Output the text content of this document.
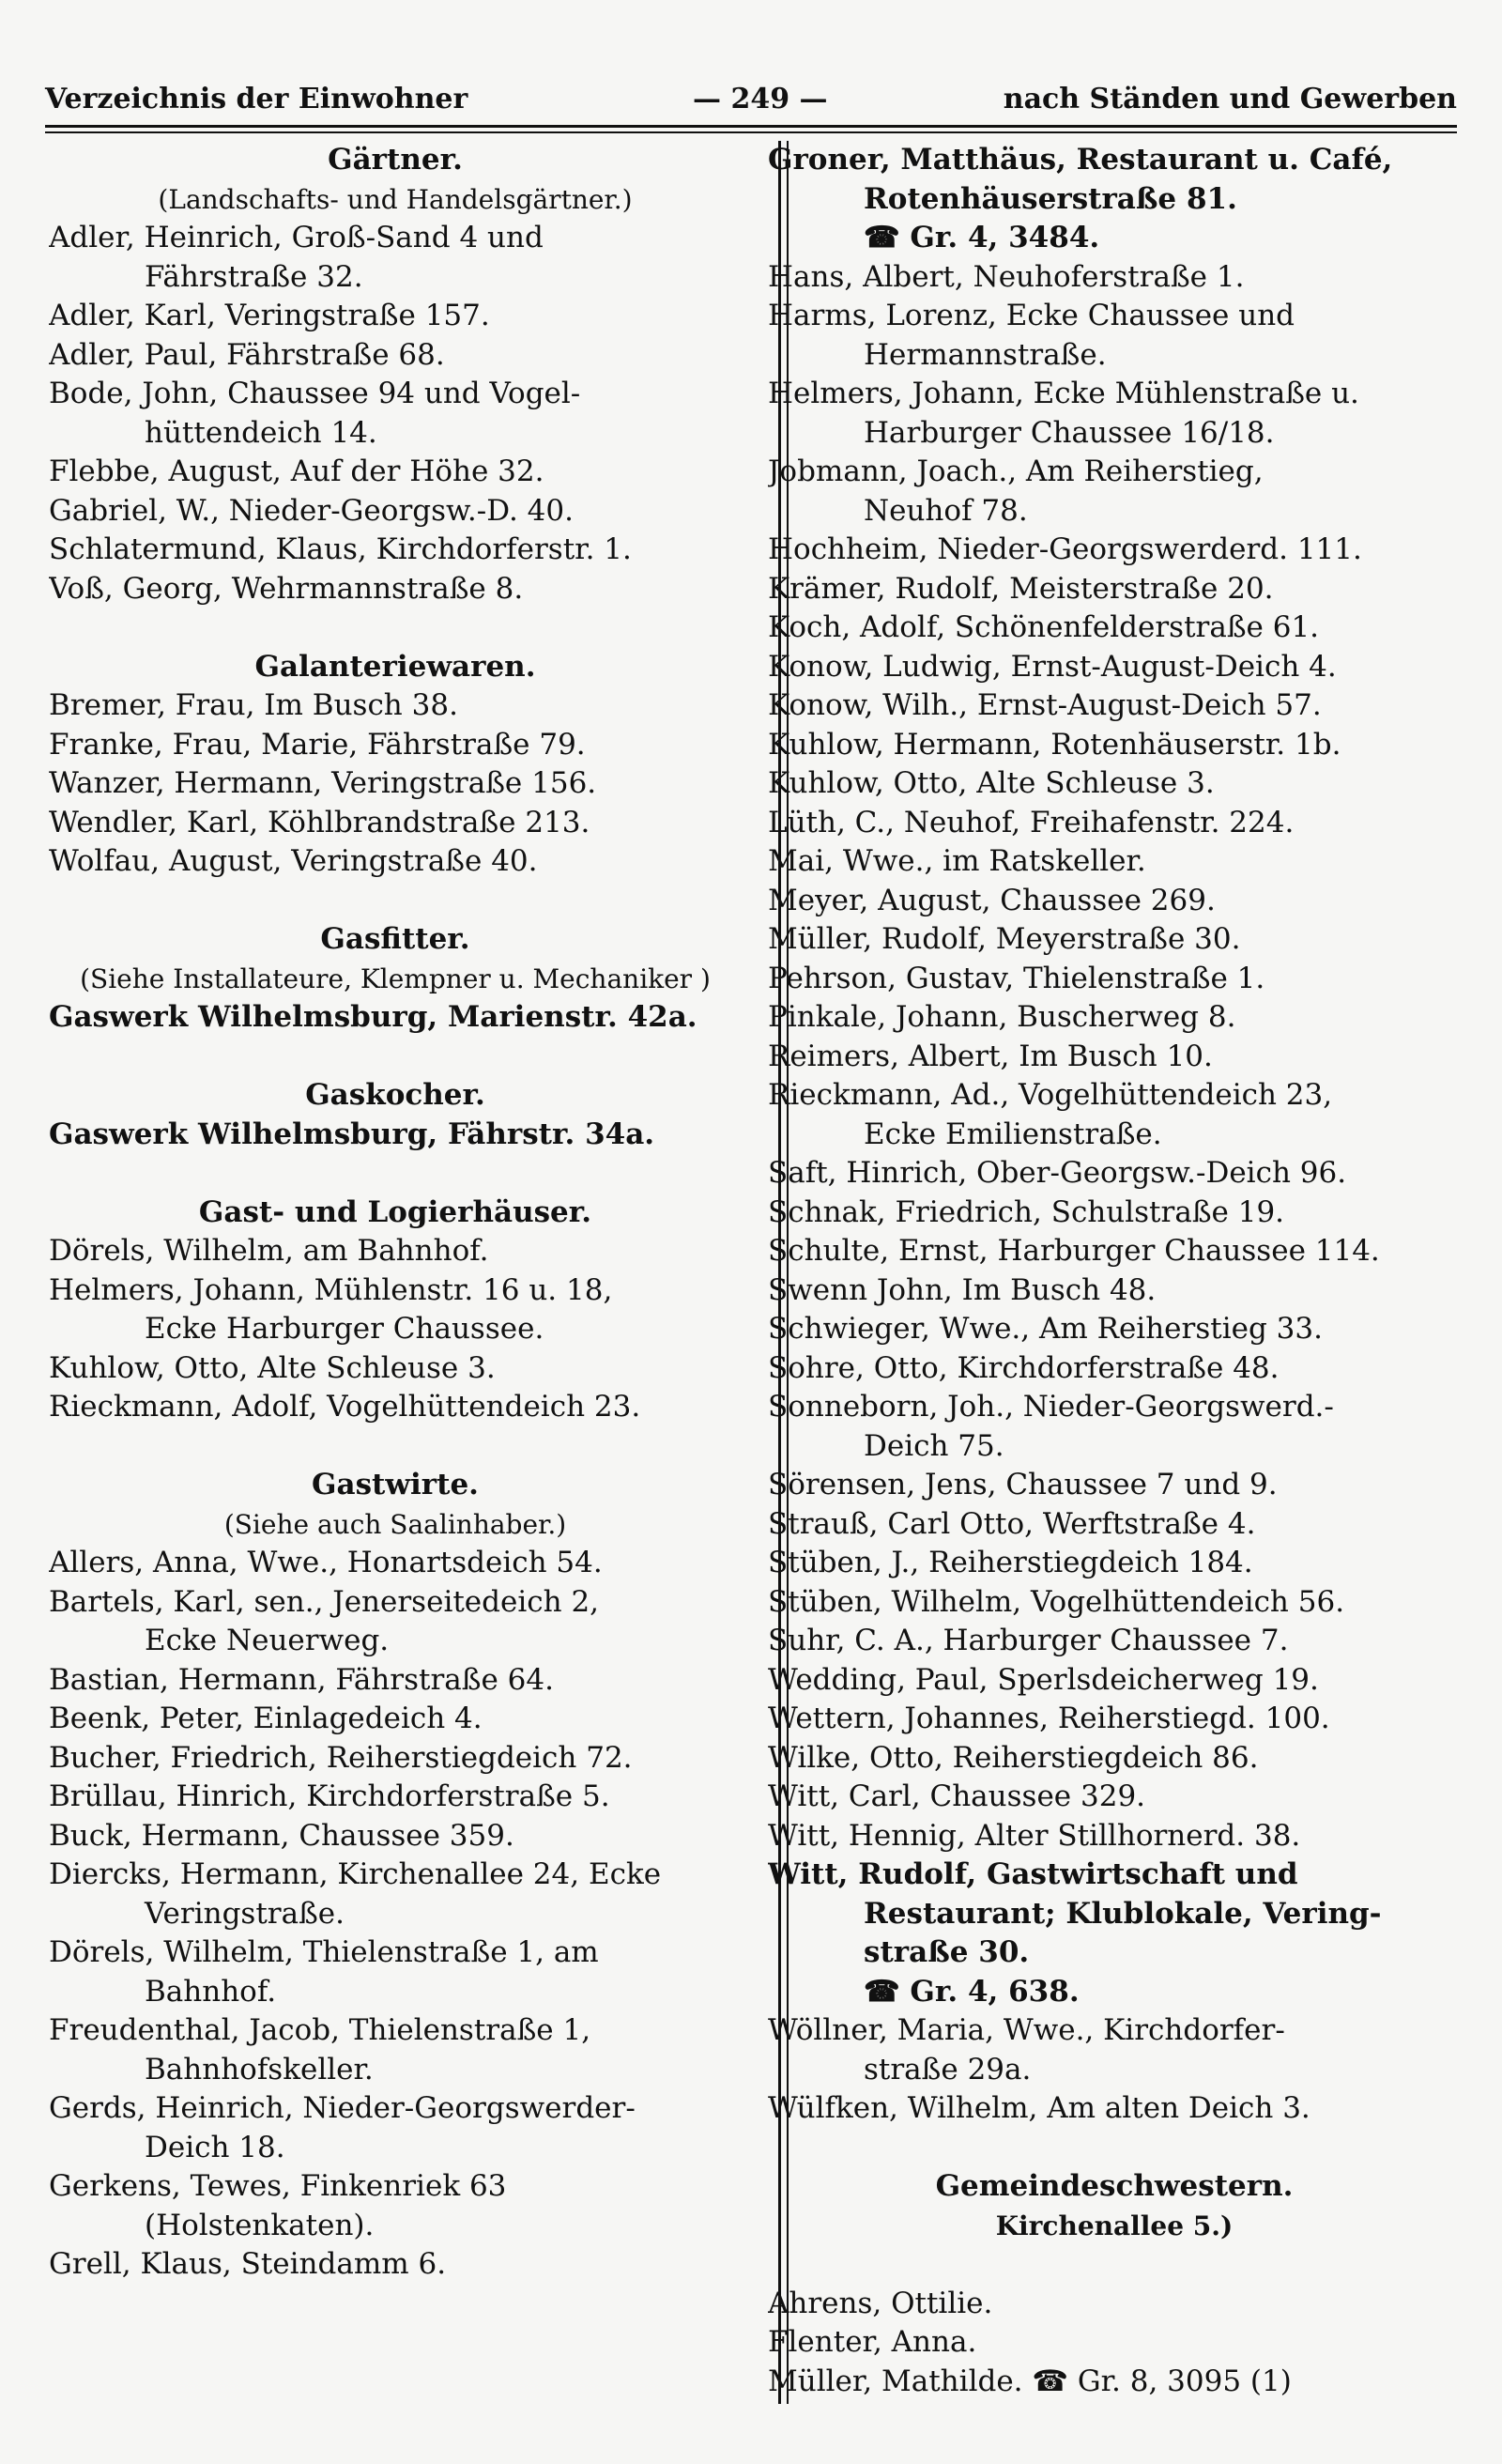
Verzeichnis der Einwohner	— 249 —	nach Ständen und Gewerben
Gärtner.
(Landschafts- und Handelsgärtner.)
Adler, Heinrich, Groß-Sand 4 und
Fährstraße 32.
Adler, Karl, Veringstraße 157.
Adler, Paul, Fährstraße 68.
Bode, John, Chaussee 94 und Vogel-
hüttendeich 14.
Flebbe, August, Auf der Höhe 32.
Gabriel, W., Nieder-Georgsw.-D. 40.
Schlatermund, Klaus, Kirchdorferstr. 1.
Voß, Georg, Wehrmannstraße 8.
Galanteriewaren.
Bremer, Frau, Im Busch 38.
Franke, Frau, Marie, Fährstraße 79.
Wanzer, Hermann, Veringstraße 156.
Wendler, Karl, Köhlbrandstraße 213.
Wolfau, August, Veringstraße 40.
Gasfitter.
(Siehe Installateure, Klempner u. Mechaniker )
Gaswerk Wilhelmsburg, Marienstr. 42a.
Gaskocher.
Gaswerk Wilhelmsburg, Fährstr. 34a.
Gast- und Logierhäuser.
Dörels, Wilhelm, am Bahnhof.
Helmers, Johann, Mühlenstr. 16 u. 18,
Ecke Harburger Chaussee.
Kuhlow, Otto, Alte Schleuse 3.
Rieckmann, Adolf, Vogelhüttendeich 23.
Gastwirte.
(Siehe auch Saalinhaber.)
Allers, Anna, Wwe., Honartsdeich 54.
Bartels, Karl, sen., Jenerseitedeich 2,
Ecke Neuerweg.
Bastian, Hermann, Fährstraße 64.
Beenk, Peter, Einlagedeich 4.
Bucher, Friedrich, Reiherstiegdeich 72.
Brüllau, Hinrich, Kirchdorferstraße 5.
Buck, Hermann, Chaussee 359.
Diercks, Hermann, Kirchenallee 24, Ecke
Veringstraße.
Dörels, Wilhelm, Thielenstraße 1, am
Bahnhof.
Freudenthal, Jacob, Thielenstraße 1,
Bahnhofskeller.
Gerds, Heinrich, Nieder-Georgswerder-
Deich 18.
Gerkens, Tewes, Finkenriek 63
(Holstenkaten).
Grell, Klaus, Steindamm 6.
Groner, Matthäus, Restaurant u. Café,
Rotenhäuserstraße 81.
☎ Gr. 4, 3484.
Hans, Albert, Neuhoferstraße 1.
Harms, Lorenz, Ecke Chaussee und
Hermannstraße.
Helmers, Johann, Ecke Mühlenstraße u.
Harburger Chaussee 16/18.
Jobmann, Joach., Am Reiherstieg,
Neuhof 78.
Hochheim, Nieder-Georgswerderd. 111.
Krämer, Rudolf, Meisterstraße 20.
Koch, Adolf, Schönenfelderstraße 61.
Konow, Ludwig, Ernst-August-Deich 4.
Konow, Wilh., Ernst-August-Deich 57.
Kuhlow, Hermann, Rotenhäuserstr. 1b.
Kuhlow, Otto, Alte Schleuse 3.
Lüth, C., Neuhof, Freihafenstr. 224.
Mai, Wwe., im Ratskeller.
Meyer, August, Chaussee 269.
Müller, Rudolf, Meyerstraße 30.
Pehrson, Gustav, Thielenstraße 1.
Pinkale, Johann, Buscherweg 8.
Reimers, Albert, Im Busch 10.
Rieckmann, Ad., Vogelhüttendeich 23,
Ecke Emilienstraße.
Saft, Hinrich, Ober-Georgsw.-Deich 96.
Schnak, Friedrich, Schulstraße 19.
Schulte, Ernst, Harburger Chaussee 114.
Swenn John, Im Busch 48.
Schwieger, Wwe., Am Reiherstieg 33.
Sohre, Otto, Kirchdorferstraße 48.
Sonneborn, Joh., Nieder-Georgswerd.-
Deich 75.
Sörensen, Jens, Chaussee 7 und 9.
Strauß, Carl Otto, Werftstraße 4.
Stüben, J., Reiherstiegdeich 184.
Stüben, Wilhelm, Vogelhüttendeich 56.
Suhr, C. A., Harburger Chaussee 7.
Wedding, Paul, Sperlsdeicherweg 19.
Wettern, Johannes, Reiherstiegd. 100.
Wilke, Otto, Reiherstiegdeich 86.
Witt, Carl, Chaussee 329.
Witt, Hennig, Alter Stillhornerd. 38.
Witt, Rudolf, Gastwirtschaft und
Restaurant; Klublokale, Vering-
straße 30.
☎ Gr. 4, 638.
Wöllner, Maria, Wwe., Kirchdorfer-
straße 29a.
Wülfken, Wilhelm, Am alten Deich 3.
Gemeindeschwestern.
Kirchenallee 5.)
Ahrens, Ottilie.
Flenter, Anna.
Müller, Mathilde. ☎ Gr. 8, 3095 (1)
